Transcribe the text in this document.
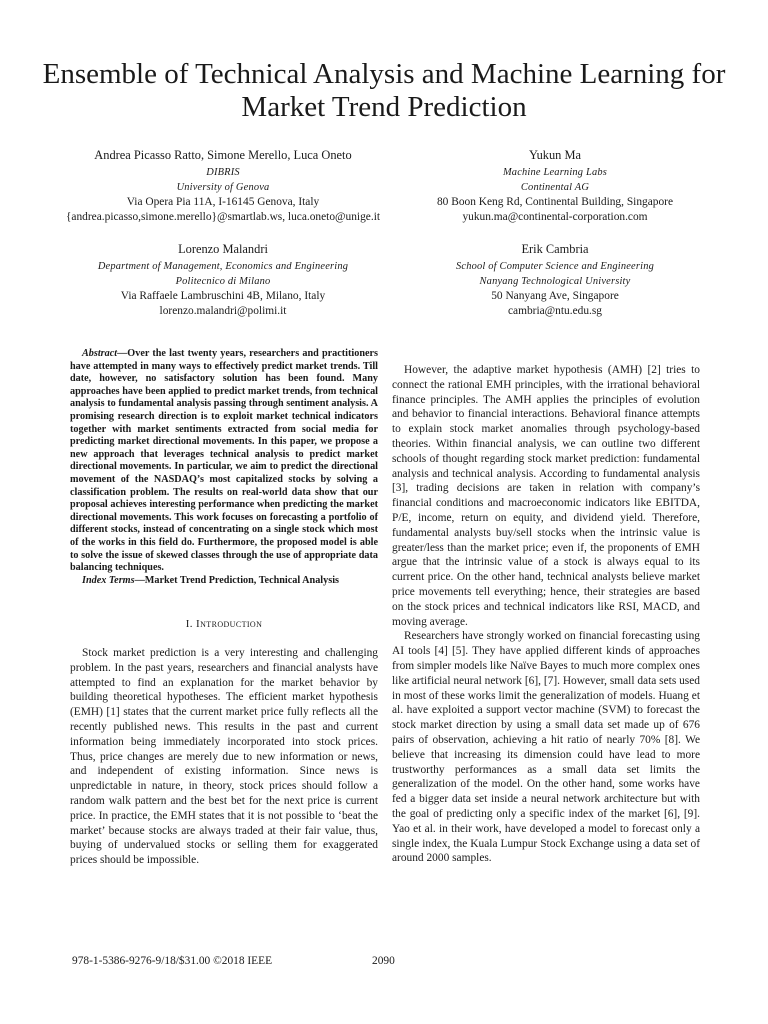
Ensemble of Technical Analysis and Machine Learning for Market Trend Prediction
Andrea Picasso Ratto, Simone Merello, Luca Oneto
DIBRIS
University of Genova
Via Opera Pia 11A, I-16145 Genova, Italy
{andrea.picasso,simone.merello}@smartlab.ws, luca.oneto@unige.it
Yukun Ma
Machine Learning Labs
Continental AG
80 Boon Keng Rd, Continental Building, Singapore
yukun.ma@continental-corporation.com
Lorenzo Malandri
Department of Management, Economics and Engineering
Politecnico di Milano
Via Raffaele Lambruschini 4B, Milano, Italy
lorenzo.malandri@polimi.it
Erik Cambria
School of Computer Science and Engineering
Nanyang Technological University
50 Nanyang Ave, Singapore
cambria@ntu.edu.sg

Abstract—Over the last twenty years, researchers and practitioners have attempted in many ways to effectively predict market trends. Till date, however, no satisfactory solution has been found. Many approaches have been applied to predict market trends, from technical analysis to fundamental analysis passing through sentiment analysis. A promising research direction is to exploit market technical indicators together with market sentiments extracted from social media for predicting market directional movements. In this paper, we propose a new approach that leverages technical analysis to predict market directional movements. In particular, we aim to predict the directional movement of the NASDAQ’s most capitalized stocks by solving a classification problem. The results on real-world data show that our proposal achieves interesting performance when predicting the market directional movements. This work focuses on forecasting a portfolio of different stocks, instead of concentrating on a single stock which most of the works in this field do. Furthermore, the proposed model is able to solve the issue of skewed classes through the use of appropriate data balancing techniques.

Index Terms—Market Trend Prediction, Technical Analysis

I. Introduction

Stock market prediction is a very interesting and challenging problem. In the past years, researchers and financial analysts have attempted to find an explanation for the market behavior by building theoretical hypotheses. The efficient market hypothesis (EMH) [1] states that the current market price fully reflects all the recently published news. This results in the past and current information being immediately incorporated into stock prices. Thus, price changes are merely due to new information or news, and independent of existing information. Since news is unpredictable in nature, in theory, stock prices should follow a random walk pattern and the best bet for the next price is current price. In practice, the EMH states that it is not possible to ‘beat the market’ because stocks are always traded at their fair value, thus, buying of undervalued stocks or selling them for exaggerated prices should be impossible.

However, the adaptive market hypothesis (AMH) [2] tries to connect the rational EMH principles, with the irrational behavioral finance principles. The AMH applies the principles of evolution and behavior to financial interactions. Behavioral finance attempts to explain stock market anomalies through psychology-based theories. Within financial analysis, we can outline two different schools of thought regarding stock market prediction: fundamental analysis and technical analysis. According to fundamental analysis [3], trading decisions are taken in relation with company’s financial conditions and macroeconomic indicators like EBITDA, P/E, income, return on equity, and dividend yield. Therefore, fundamental analysts buy/sell stocks when the intrinsic value is greater/less than the market price; even if, the proponents of EMH argue that the intrinsic value of a stock is always equal to its current price. On the other hand, technical analysts believe market price movements tell everything; hence, their strategies are based on the stock prices and technical indicators like RSI, MACD, and moving average.

Researchers have strongly worked on financial forecasting using AI tools [4] [5]. They have applied different kinds of approaches from simpler models like Naïve Bayes to much more complex ones like artificial neural network [6], [7]. However, small data sets used in most of these works limit the generalization of models. Huang et al. have exploited a support vector machine (SVM) to forecast the stock market direction by using a small data set made up of 676 pairs of observation, achieving a hit ratio of nearly 70% [8]. We believe that increasing its dimension could have lead to more trustworthy performances as a small data set limits the generalization of the model. On the other hand, some works have fed a bigger data set inside a neural network architecture but with the goal of predicting only a specific index of the market [6], [9]. Yao et al. in their work, have developed a model to forecast only a single index, the Kuala Lumpur Stock Exchange using a data set of around 2000 samples.

978-1-5386-9276-9/18/$31.00 ©2018 IEEE	2090
